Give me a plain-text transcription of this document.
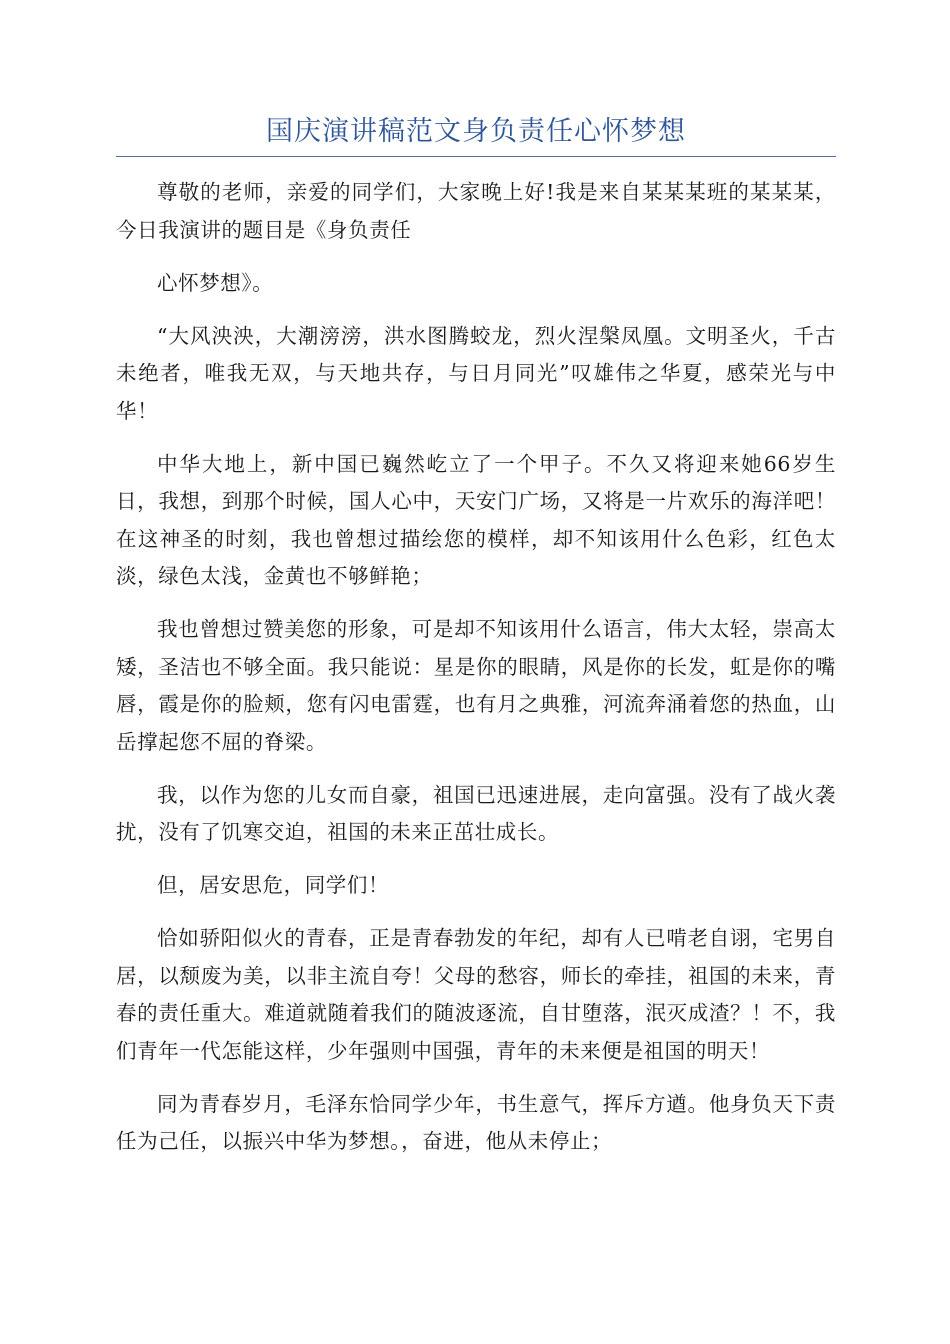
国庆演讲稿范文身负责任心怀梦想

尊敬的老师，亲爱的同学们，大家晚上好!我是来自某某某班的某某某，今日我演讲的题目是《身负责任

心怀梦想》。

“大风泱泱，大潮滂滂，洪水图腾蛟龙，烈火涅槃凤凰。文明圣火，千古未绝者，唯我无双，与天地共存，与日月同光”叹雄伟之华夏，感荣光与中华！

中华大地上，新中国已巍然屹立了一个甲子。不久又将迎来她66岁生日，我想，到那个时候，国人心中，天安门广场，又将是一片欢乐的海洋吧！在这神圣的时刻，我也曾想过描绘您的模样，却不知该用什么色彩，红色太淡，绿色太浅，金黄也不够鲜艳；

我也曾想过赞美您的形象，可是却不知该用什么语言，伟大太轻，崇高太矮，圣洁也不够全面。我只能说：星是你的眼睛，风是你的长发，虹是你的嘴唇，霞是你的脸颊，您有闪电雷霆，也有月之典雅，河流奔涌着您的热血，山岳撑起您不屈的脊梁。

我，以作为您的儿女而自豪，祖国已迅速进展，走向富强。没有了战火袭扰，没有了饥寒交迫，祖国的未来正茁壮成长。

但，居安思危，同学们！

恰如骄阳似火的青春，正是青春勃发的年纪，却有人已啃老自诩，宅男自居，以颓废为美，以非主流自夸！父母的愁容，师长的牵挂，祖国的未来，青春的责任重大。难道就随着我们的随波逐流，自甘堕落，泯灭成渣？！不，我们青年一代怎能这样，少年强则中国强，青年的未来便是祖国的明天！

同为青春岁月，毛泽东恰同学少年，书生意气，挥斥方遒。他身负天下责任为己任，以振兴中华为梦想。，奋进，他从未停止；
